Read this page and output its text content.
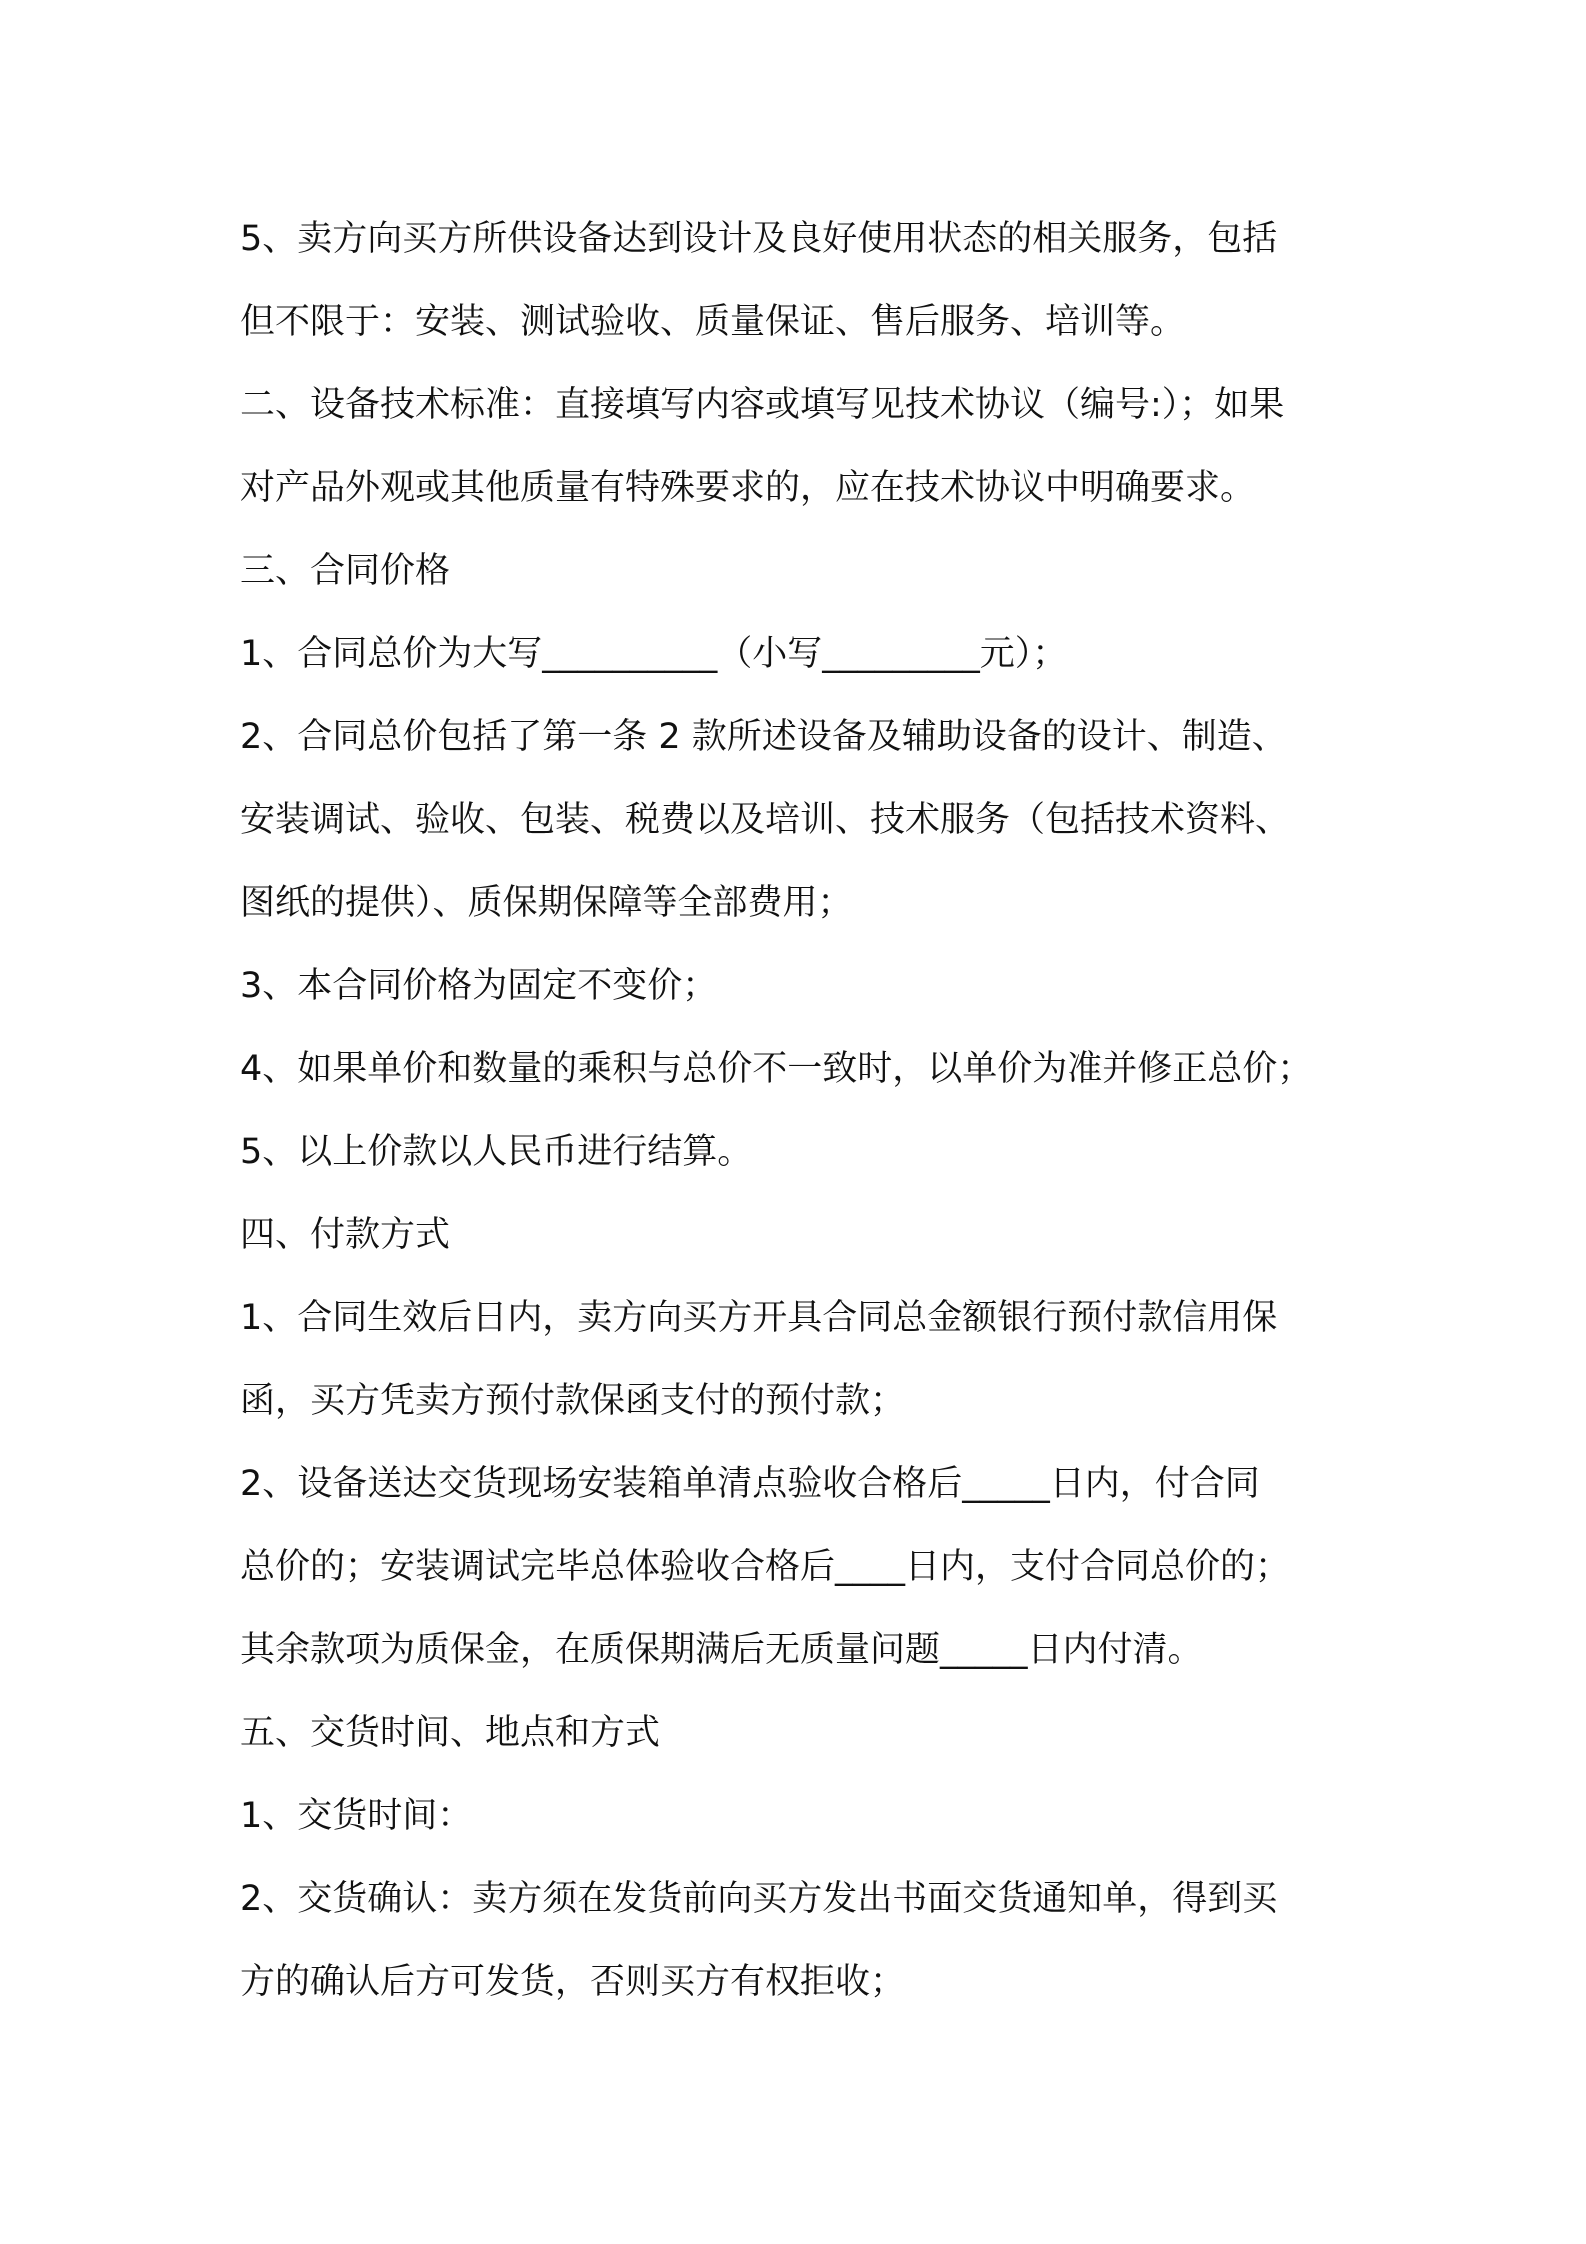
5、卖方向买方所供设备达到设计及良好使用状态的相关服务，包括

但不限于：安装、测试验收、质量保证、售后服务、培训等。

二、设备技术标准：直接填写内容或填写见技术协议（编号:）；如果

对产品外观或其他质量有特殊要求的，应在技术协议中明确要求。

三、合同价格

1、合同总价为大写__________（小写_________元）；

2、合同总价包括了第一条 2 款所述设备及辅助设备的设计、制造、

安装调试、验收、包装、税费以及培训、技术服务（包括技术资料、

图纸的提供）、质保期保障等全部费用；

3、本合同价格为固定不变价；

4、如果单价和数量的乘积与总价不一致时，以单价为准并修正总价；

5、以上价款以人民币进行结算。

四、付款方式

1、合同生效后日内，卖方向买方开具合同总金额银行预付款信用保

函，买方凭卖方预付款保函支付的预付款；

2、设备送达交货现场安装箱单清点验收合格后_____日内，付合同

总价的；安装调试完毕总体验收合格后____日内，支付合同总价的；

其余款项为质保金，在质保期满后无质量问题_____日内付清。

五、交货时间、地点和方式

1、交货时间：

2、交货确认：卖方须在发货前向买方发出书面交货通知单，得到买

方的确认后方可发货，否则买方有权拒收；
